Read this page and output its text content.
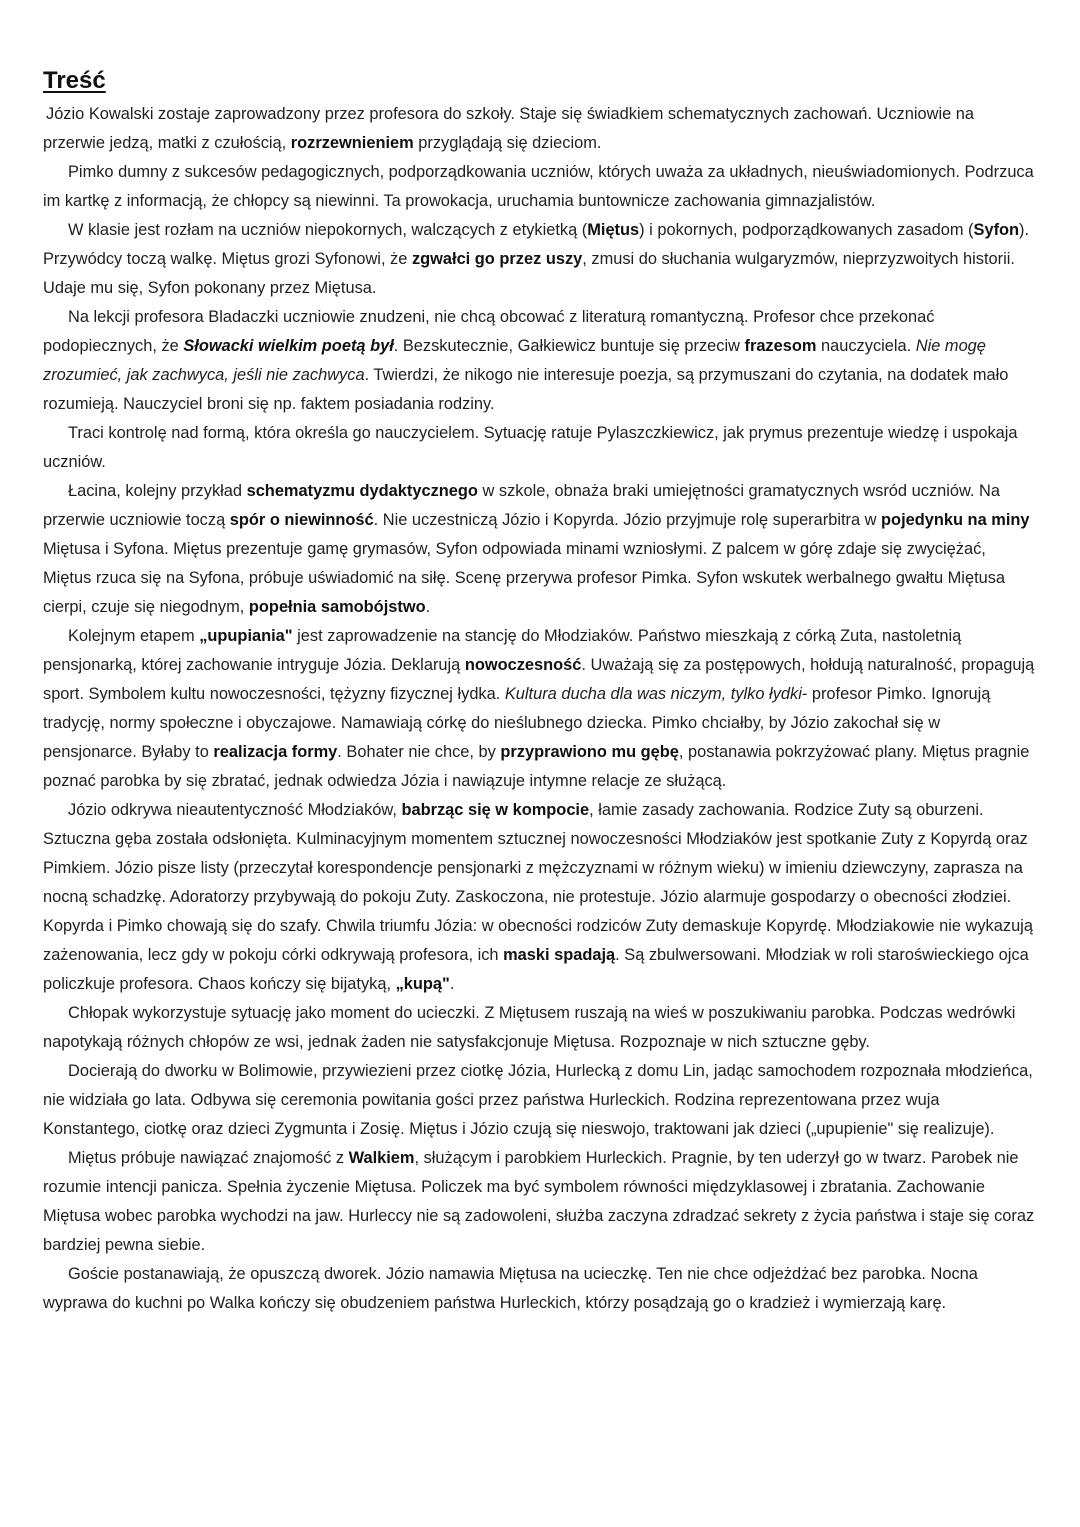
Treść

Józio Kowalski zostaje zaprowadzony przez profesora do szkoły. Staje się świadkiem schematycznych zachowań. Uczniowie na przerwie jedzą, matki z czułością, rozrzewnieniem przyglądają się dzieciom.

Pimko dumny z sukcesów pedagogicznych, podporządkowania uczniów, których uważa za układnych, nieuświadomionych. Podrzuca im kartkę z informacją, że chłopcy są niewinni. Ta prowokacja, uruchamia buntownicze zachowania gimnazjalistów.

W klasie jest rozłam na uczniów niepokornych, walczących z etykietką (Miętus) i pokornych, podporządkowanych zasadom (Syfon). Przywódcy toczą walkę. Miętus grozi Syfonowi, że zgwałci go przez uszy, zmusi do słuchania wulgaryzmów, nieprzyzwoitych historii. Udaje mu się, Syfon pokonany przez Miętusa.

Na lekcji profesora Bladaczki uczniowie znudzeni, nie chcą obcować z literaturą romantyczną. Profesor chce przekonać podopiecznych, że Słowacki wielkim poetą był. Bezskutecznie, Gałkiewicz buntuje się przeciw frazesom nauczyciela. Nie mogę zrozumieć, jak zachwyca, jeśli nie zachwyca. Twierdzi, że nikogo nie interesuje poezja, są przymuszani do czytania, na dodatek mało rozumieją. Nauczyciel broni się np. faktem posiadania rodziny.

Traci kontrolę nad formą, która określa go nauczycielem. Sytuację ratuje Pylaszczkiewicz, jak prymus prezentuje wiedzę i uspokaja uczniów.

Łacina, kolejny przykład schematyzmu dydaktycznego w szkole, obnaża braki umiejętności gramatycznych wsród uczniów. Na przerwie uczniowie toczą spór o niewinność. Nie uczestniczą Józio i Kopyrda. Józio przyjmuje rolę superarbitra w pojedynku na miny Miętusa i Syfona. Miętus prezentuje gamę grymasów, Syfon odpowiada minami wzniosłymi. Z palcem w górę zdaje się zwyciężać, Miętus rzuca się na Syfona, próbuje uświadomić na siłę. Scenę przerywa profesor Pimka. Syfon wskutek werbalnego gwałtu Miętusa cierpi, czuje się niegodnym, popełnia samobójstwo.

Kolejnym etapem „upupiania" jest zaprowadzenie na stancję do Młodziaków. Państwo mieszkają z córką Zuta, nastoletnią pensjonarką, której zachowanie intryguje Józia. Deklarują nowoczesność. Uważają się za postępowych, hołdują naturalność, propagują sport. Symbolem kultu nowoczesności, tężyzny fizycznej łydka. Kultura ducha dla was niczym, tylko łydki- profesor Pimko. Ignorują tradycję, normy społeczne i obyczajowe. Namawiają córkę do nieślubnego dziecka. Pimko chciałby, by Józio zakochał się w pensjonarce. Byłaby to realizacja formy. Bohater nie chce, by przyprawiono mu gębę, postanawia pokrzyżować plany. Miętus pragnie poznać parobka by się zbratać, jednak odwiedza Józia i nawiązuje intymne relacje ze służącą.

Józio odkrywa nieautentyczność Młodziaków, babrząc się w kompocie, łamie zasady zachowania. Rodzice Zuty są oburzeni. Sztuczna gęba została odsłonięta. Kulminacyjnym momentem sztucznej nowoczesności Młodziaków jest spotkanie Zuty z Kopyrdą oraz Pimkiem. Józio pisze listy (przeczytał korespondencje pensjonarki z mężczyznami w różnym wieku) w imieniu dziewczyny, zaprasza na nocną schadzkę. Adoratorzy przybywają do pokoju Zuty. Zaskoczona, nie protestuje. Józio alarmuje gospodarzy o obecności złodziei. Kopyrda i Pimko chowają się do szafy. Chwila triumfu Józia: w obecności rodziców Zuty demaskuje Kopyrdę. Młodziakowie nie wykazują zażenowania, lecz gdy w pokoju córki odkrywają profesora, ich maski spadają. Są zbulwersowani. Młodziak w roli staroświeckiego ojca policzkuje profesora. Chaos kończy się bijatyką, „kupą".

Chłopak wykorzystuje sytuację jako moment do ucieczki. Z Miętusem ruszają na wieś w poszukiwaniu parobka. Podczas wedrówki napotykają różnych chłopów ze wsi, jednak żaden nie satysfakcjonuje Miętusa. Rozpoznaje w nich sztuczne gęby.

Docierają do dworku w Bolimowie, przywiezieni przez ciotkę Józia, Hurlecką z domu Lin, jadąc samochodem rozpoznała młodzieńca, nie widziała go lata. Odbywa się ceremonia powitania gości przez państwa Hurleckich. Rodzina reprezentowana przez wuja Konstantego, ciotkę oraz dzieci Zygmunta i Zosię. Miętus i Józio czują się nieswojo, traktowani jak dzieci („upupienie" się realizuje).

Miętus próbuje nawiązać znajomość z Walkiem, służącym i parobkiem Hurleckich. Pragnie, by ten uderzył go w twarz. Parobek nie rozumie intencji panicza. Spełnia życzenie Miętusa. Policzek ma być symbolem równości międzyklasowej i zbratania. Zachowanie Miętusa wobec parobka wychodzi na jaw. Hurleccy nie są zadowoleni, służba zaczyna zdradzać sekrety z życia państwa i staje się coraz bardziej pewna siebie.

Goście postanawiają, że opuszczą dworek. Józio namawia Miętusa na ucieczkę. Ten nie chce odjeżdżać bez parobka. Nocna wyprawa do kuchni po Walka kończy się obudzeniem państwa Hurleckich, którzy posądzają go o kradzież i wymierzają karę.
